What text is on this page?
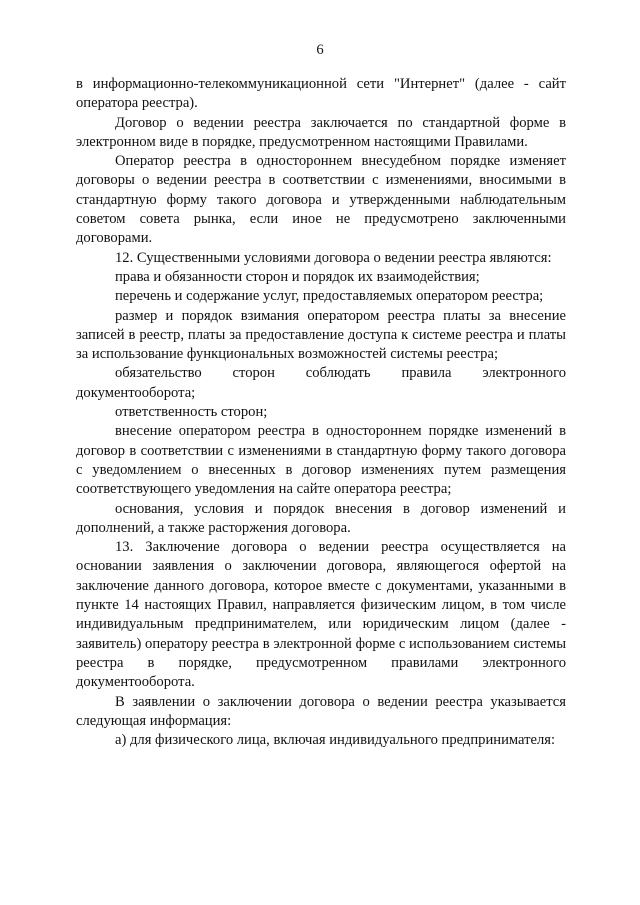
6

в информационно-телекоммуникационной сети "Интернет" (далее - сайт оператора реестра).

Договор о ведении реестра заключается по стандартной форме в электронном виде в порядке, предусмотренном настоящими Правилами.

Оператор реестра в одностороннем внесудебном порядке изменяет договоры о ведении реестра в соответствии с изменениями, вносимыми в стандартную форму такого договора и утвержденными наблюдательным советом совета рынка, если иное не предусмотрено заключенными договорами.

12. Существенными условиями договора о ведении реестра являются:

права и обязанности сторон и порядок их взаимодействия;

перечень и содержание услуг, предоставляемых оператором реестра;

размер и порядок взимания оператором реестра платы за внесение записей в реестр, платы за предоставление доступа к системе реестра и платы за использование функциональных возможностей системы реестра;

обязательство сторон соблюдать правила электронного документооборота;

ответственность сторон;

внесение оператором реестра в одностороннем порядке изменений в договор в соответствии с изменениями в стандартную форму такого договора с уведомлением о внесенных в договор изменениях путем размещения соответствующего уведомления на сайте оператора реестра;

основания, условия и порядок внесения в договор изменений и дополнений, а также расторжения договора.

13. Заключение договора о ведении реестра осуществляется на основании заявления о заключении договора, являющегося офертой на заключение данного договора, которое вместе с документами, указанными в пункте 14 настоящих Правил, направляется физическим лицом, в том числе индивидуальным предпринимателем, или юридическим лицом (далее - заявитель) оператору реестра в электронной форме с использованием системы реестра в порядке, предусмотренном правилами электронного документооборота.

В заявлении о заключении договора о ведении реестра указывается следующая информация:

а) для физического лица, включая индивидуального предпринимателя:
